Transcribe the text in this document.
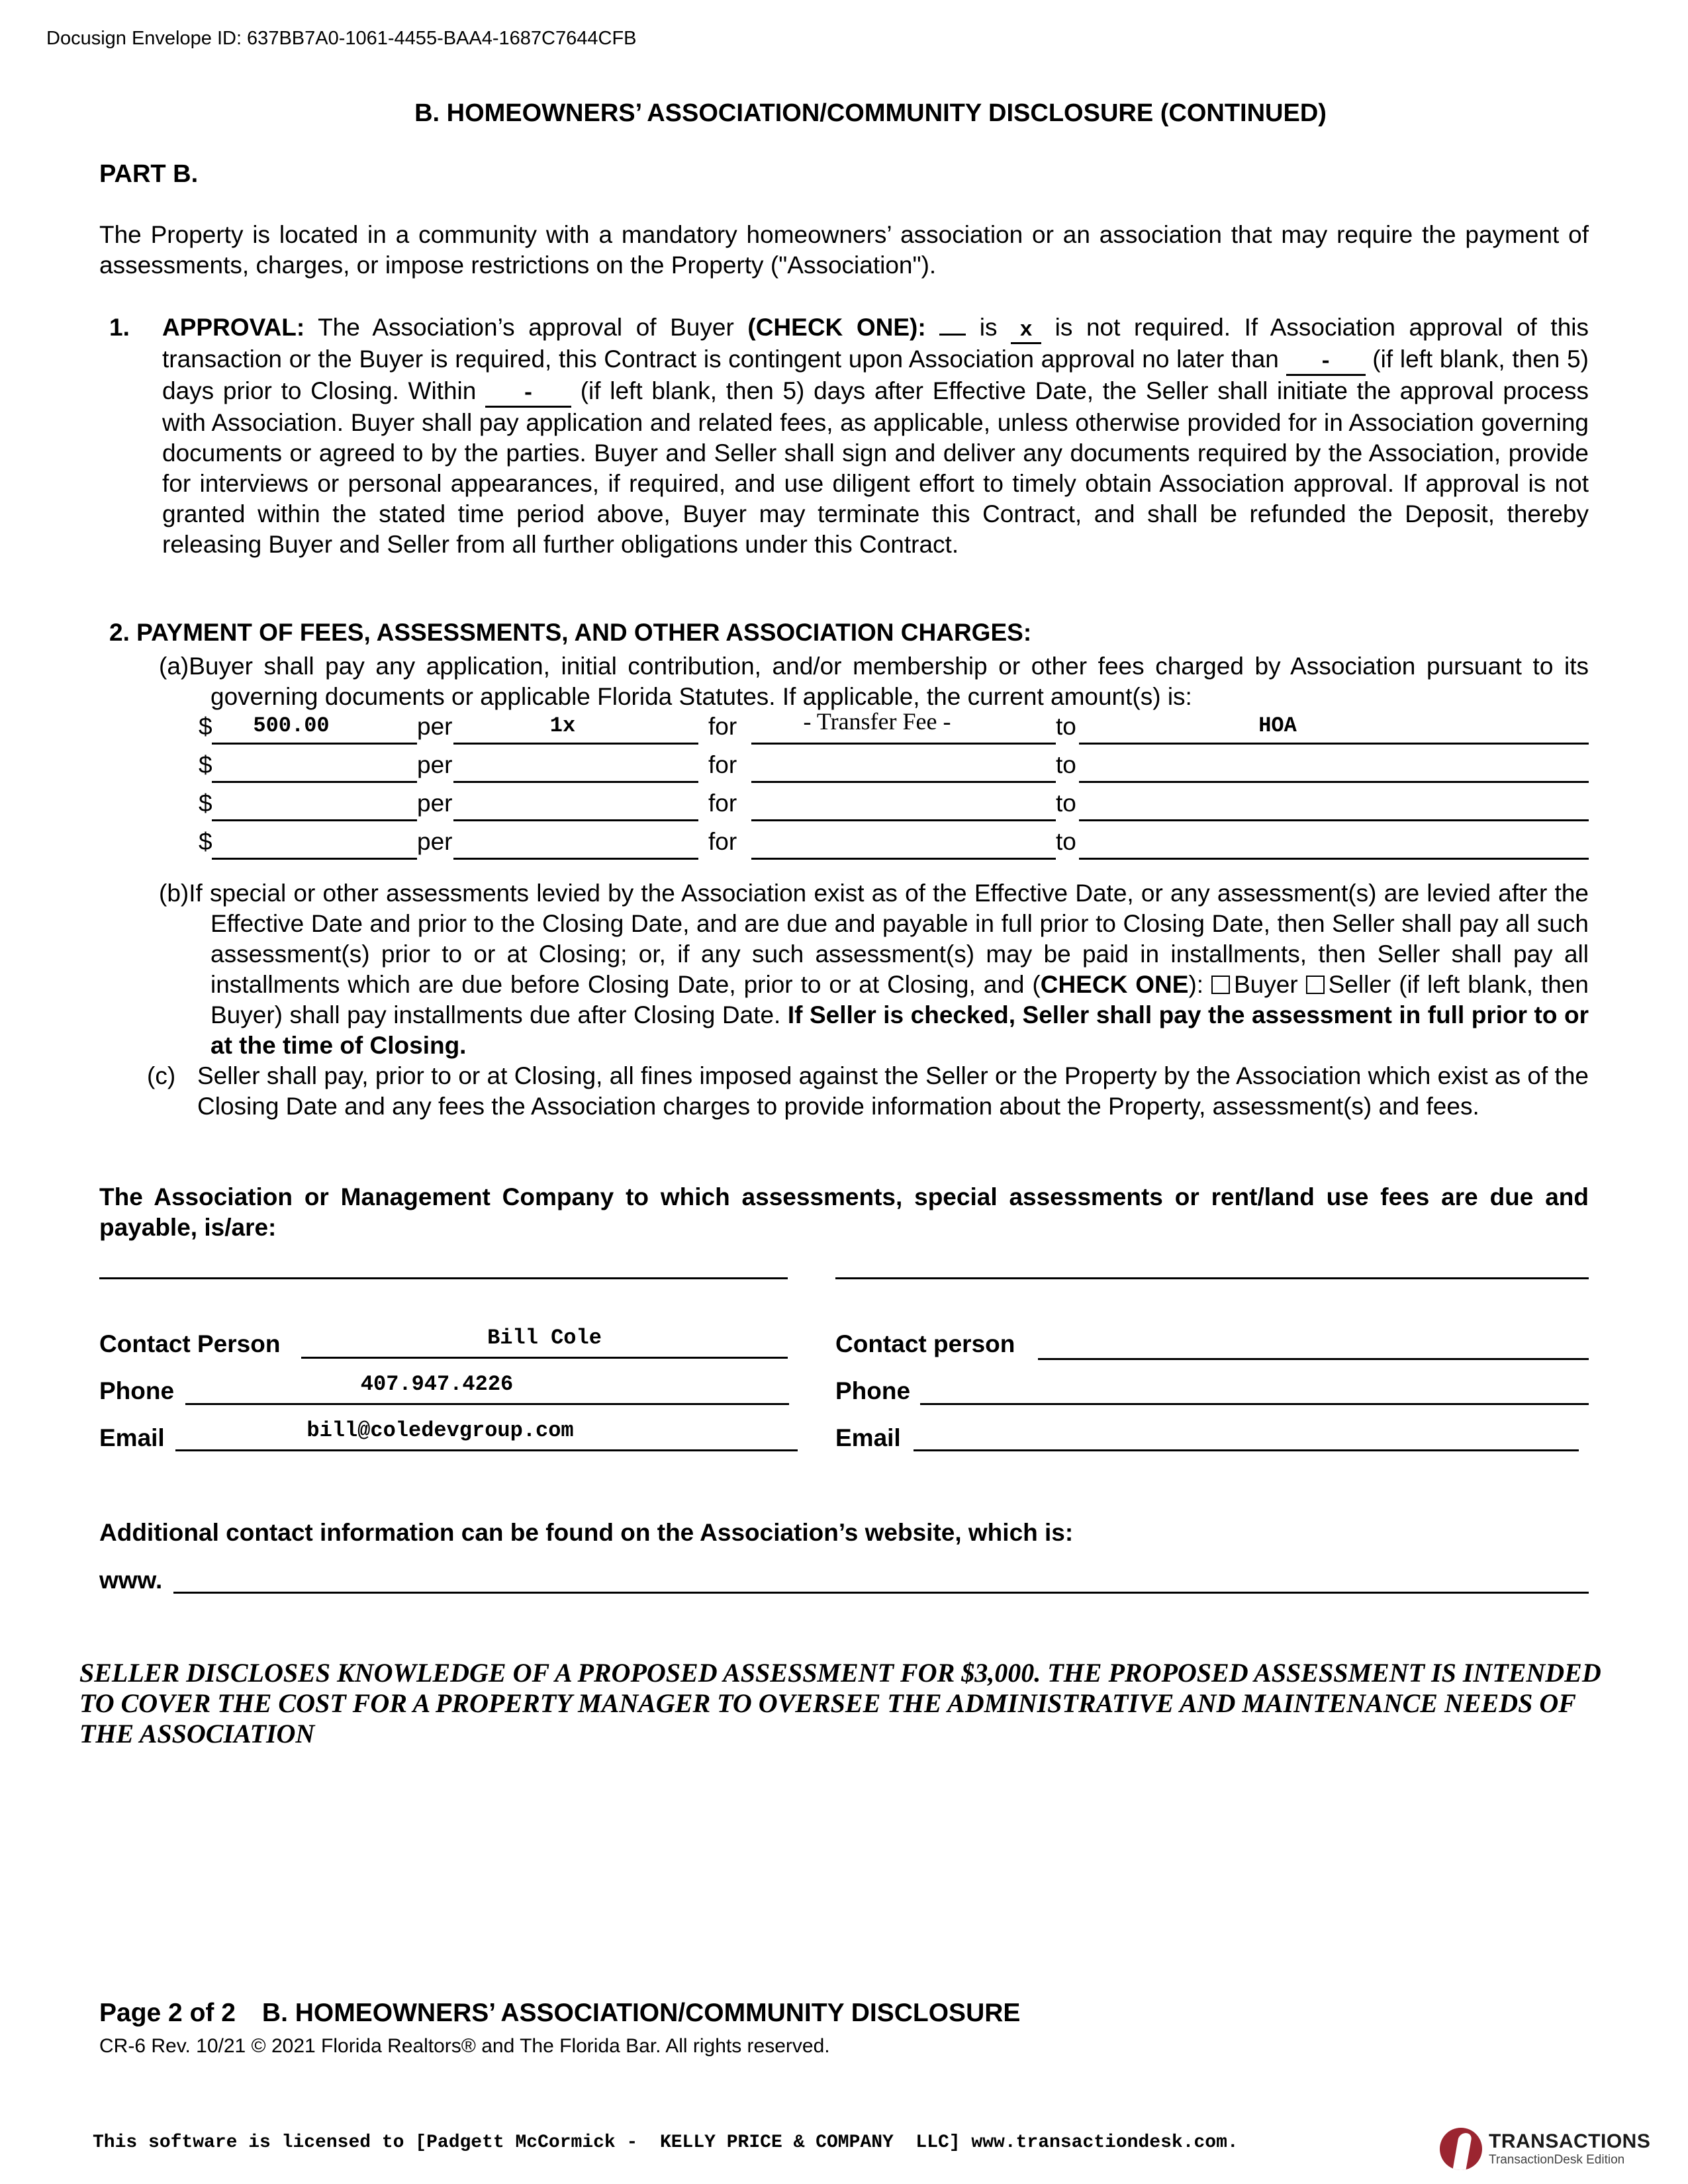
Docusign Envelope ID: 637BB7A0-1061-4455-BAA4-1687C7644CFB
B. HOMEOWNERS’ ASSOCIATION/COMMUNITY DISCLOSURE (CONTINUED)
PART B.
The Property is located in a community with a mandatory homeowners’ association or an association that may require the payment of assessments, charges, or impose restrictions on the Property ("Association").
1. APPROVAL: The Association’s approval of Buyer (CHECK ONE):  is x is not required. If Association approval of this transaction or the Buyer is required, this Contract is contingent upon Association approval no later than - (if left blank, then 5) days prior to Closing. Within - (if left blank, then 5) days after Effective Date, the Seller shall initiate the approval process with Association. Buyer shall pay application and related fees, as applicable, unless otherwise provided for in Association governing documents or agreed to by the parties. Buyer and Seller shall sign and deliver any documents required by the Association, provide for interviews or personal appearances, if required, and use diligent effort to timely obtain Association approval. If approval is not granted within the stated time period above, Buyer may terminate this Contract, and shall be refunded the Deposit, thereby releasing Buyer and Seller from all further obligations under this Contract.
2. PAYMENT OF FEES, ASSESSMENTS, AND OTHER ASSOCIATION CHARGES:
(a)Buyer shall pay any application, initial contribution, and/or membership or other fees charged by Association pursuant to its governing documents or applicable Florida Statutes. If applicable, the current amount(s) is:
$	500.00	per	1x	for	- Transfer Fee -	to	HOA
$	per	for	to
$	per	for	to
$	per	for	to
(b)If special or other assessments levied by the Association exist as of the Effective Date, or any assessment(s) are levied after the Effective Date and prior to the Closing Date, and are due and payable in full prior to Closing Date, then Seller shall pay all such assessment(s) prior to or at Closing; or, if any such assessment(s) may be paid in installments, then Seller shall pay all installments which are due before Closing Date, prior to or at Closing, and (CHECK ONE): Buyer Seller (if left blank, then Buyer) shall pay installments due after Closing Date. If Seller is checked, Seller shall pay the assessment in full prior to or at the time of Closing.
(c) Seller shall pay, prior to or at Closing, all fines imposed against the Seller or the Property by the Association which exist as of the Closing Date and any fees the Association charges to provide information about the Property, assessment(s) and fees.
The Association or Management Company to which assessments, special assessments or rent/land use fees are due and payable, is/are:
Contact Person	Bill Cole
Phone	407.947.4226
Email	bill@coledevgroup.com
Contact person
Phone
Email
Additional contact information can be found on the Association’s website, which is:
www.
SELLER DISCLOSES KNOWLEDGE OF A PROPOSED ASSESSMENT FOR $3,000. THE PROPOSED ASSESSMENT IS INTENDED TO COVER THE COST FOR A PROPERTY MANAGER TO OVERSEE THE ADMINISTRATIVE AND MAINTENANCE NEEDS OF THE ASSOCIATION
Page 2 of 2 B. HOMEOWNERS’ ASSOCIATION/COMMUNITY DISCLOSURE
CR-6 Rev. 10/21 © 2021 Florida Realtors® and The Florida Bar. All rights reserved.
This software is licensed to [Padgett McCormick -  KELLY PRICE & COMPANY  LLC] www.transactiondesk.com.	TRANSACTIONS
TransactionDesk Edition
